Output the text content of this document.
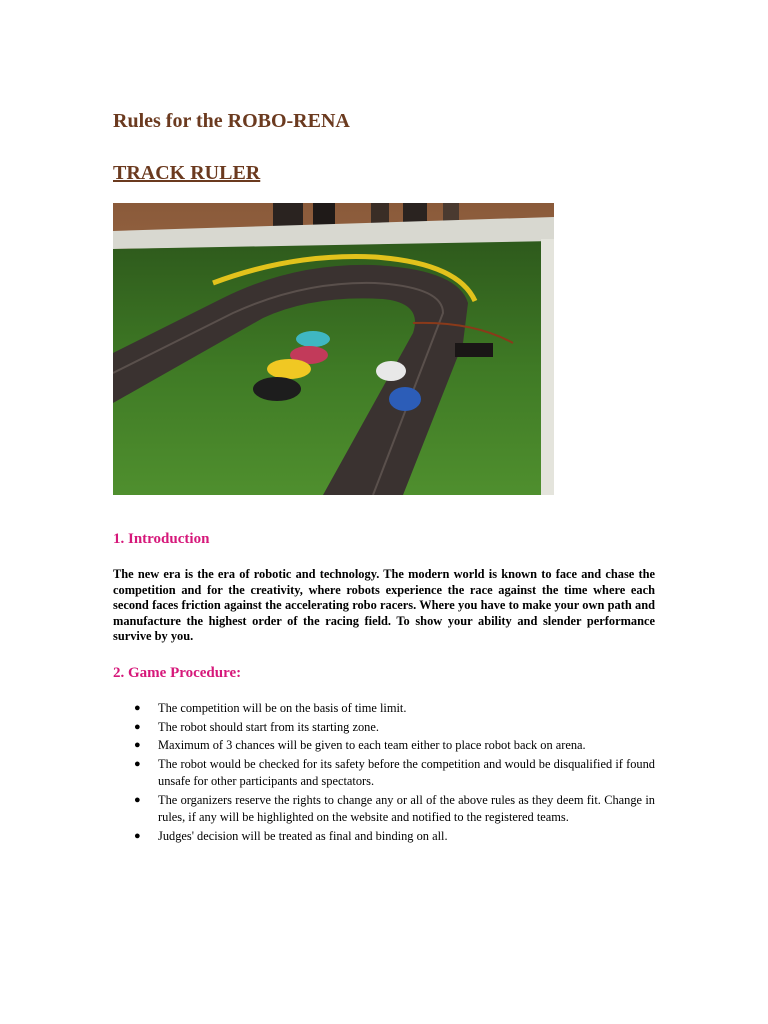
Rules for the ROBO-RENA
TRACK RULER
1. Introduction

The new era is the era of robotic and technology. The modern world is known to face and chase the competition and for the creativity, where robots experience the race against the time where each second faces friction against the accelerating robo racers. Where you have to make your own path and manufacture the highest order of the racing field. To show your ability and slender performance survive by you.

2. Game Procedure:
● The competition will be on the basis of time limit.
● The robot should start from its starting zone.
● Maximum of 3 chances will be given to each team either to place robot back on arena.
● The robot would be checked for its safety before the competition and would be disqualified if found unsafe for other participants and spectators.
● The organizers reserve the rights to change any or all of the above rules as they deem fit. Change in rules, if any will be highlighted on the website and notified to the registered teams.
● Judges' decision will be treated as final and binding on all.
